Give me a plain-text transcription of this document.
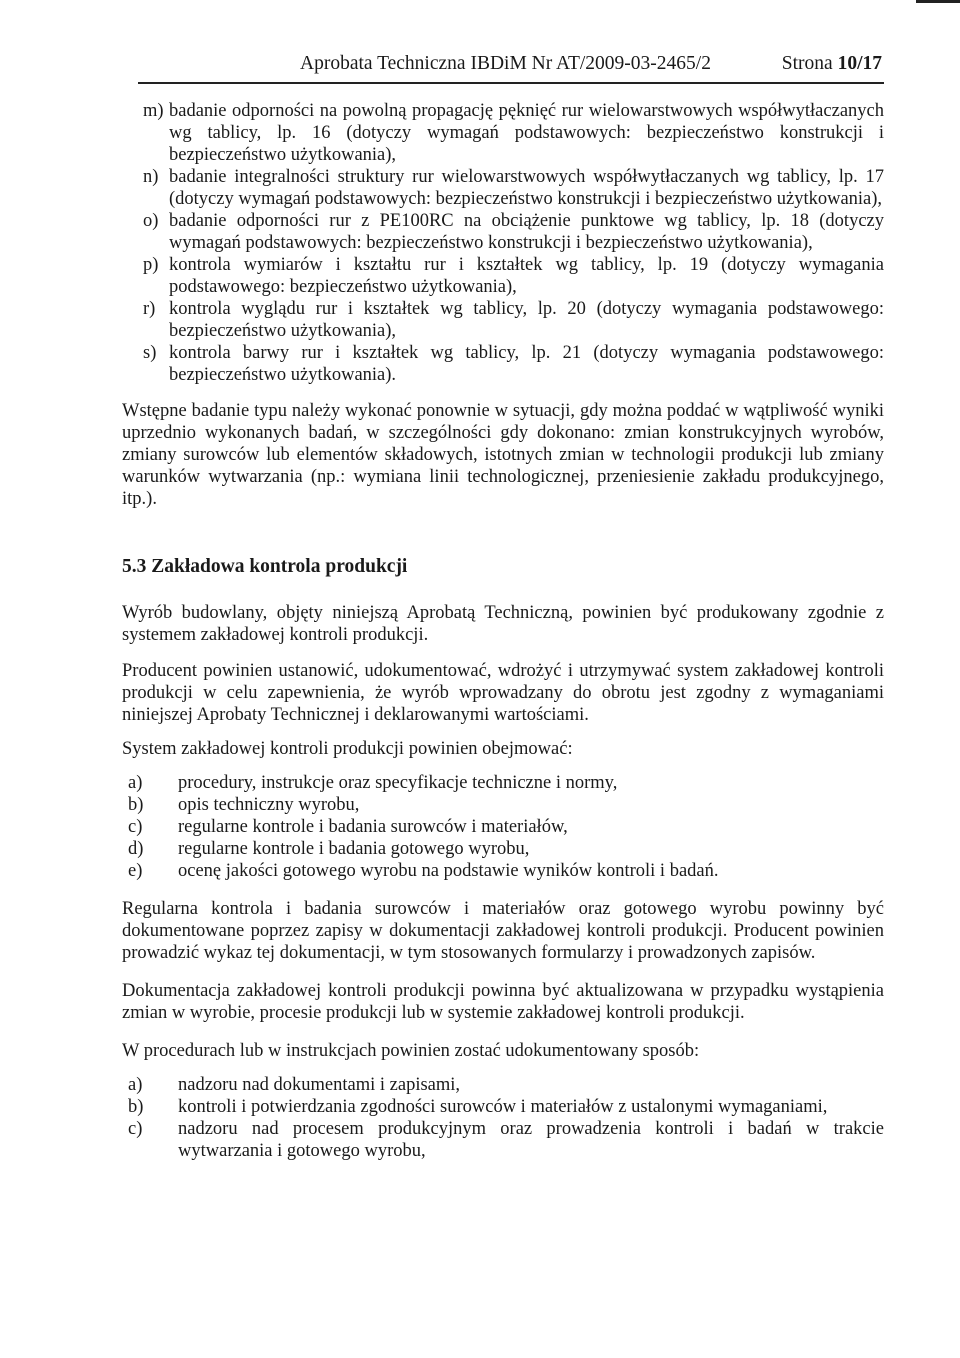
Aprobata Techniczna IBDiM Nr AT/2009-03-2465/2	Strona 10/17
m) badanie odporności na powolną propagację pęknięć rur wielowarstwowych współwytłaczanych wg tablicy, lp. 16 (dotyczy wymagań podstawowych: bezpieczeństwo konstrukcji i bezpieczeństwo użytkowania),
n) badanie integralności struktury rur wielowarstwowych współwytłaczanych wg tablicy, lp. 17 (dotyczy wymagań podstawowych: bezpieczeństwo konstrukcji i bezpieczeństwo użytkowania),
o) badanie odporności rur z PE100RC na obciążenie punktowe wg tablicy, lp. 18 (dotyczy wymagań podstawowych: bezpieczeństwo konstrukcji i bezpieczeństwo użytkowania),
p) kontrola wymiarów i kształtu rur i kształtek wg tablicy, lp. 19 (dotyczy wymagania podstawowego: bezpieczeństwo użytkowania),
r) kontrola wyglądu rur i kształtek wg tablicy, lp. 20 (dotyczy wymagania podstawowego: bezpieczeństwo użytkowania),
s) kontrola barwy rur i kształtek wg tablicy, lp. 21 (dotyczy wymagania podstawowego: bezpieczeństwo użytkowania).

Wstępne badanie typu należy wykonać ponownie w sytuacji, gdy można poddać w wątpliwość wyniki uprzednio wykonanych badań, w szczególności gdy dokonano: zmian konstrukcyjnych wyrobów, zmiany surowców lub elementów składowych, istotnych zmian w technologii produkcji lub zmiany warunków wytwarzania (np.: wymiana linii technologicznej, przeniesienie zakładu produkcyjnego, itp.).

5.3 Zakładowa kontrola produkcji

Wyrób budowlany, objęty niniejszą Aprobatą Techniczną, powinien być produkowany zgodnie z systemem zakładowej kontroli produkcji.

Producent powinien ustanowić, udokumentować, wdrożyć i utrzymywać system zakładowej kontroli produkcji w celu zapewnienia, że wyrób wprowadzany do obrotu jest zgodny z wymaganiami niniejszej Aprobaty Technicznej i deklarowanymi wartościami.

System zakładowej kontroli produkcji powinien obejmować:

a)	procedury, instrukcje oraz specyfikacje techniczne i normy,
b)	opis techniczny wyrobu,
c)	regularne kontrole i badania surowców i materiałów,
d)	regularne kontrole i badania gotowego wyrobu,
e)	ocenę jakości gotowego wyrobu na podstawie wyników kontroli i badań.

Regularna kontrola i badania surowców i materiałów oraz gotowego wyrobu powinny być dokumentowane poprzez zapisy w dokumentacji zakładowej kontroli produkcji. Producent powinien prowadzić wykaz tej dokumentacji, w tym stosowanych formularzy i prowadzonych zapisów.

Dokumentacja zakładowej kontroli produkcji powinna być aktualizowana w przypadku wystąpienia zmian w wyrobie, procesie produkcji lub w systemie zakładowej kontroli produkcji.

W procedurach lub w instrukcjach powinien zostać udokumentowany sposób:

a)	nadzoru nad dokumentami i zapisami,
b)	kontroli i potwierdzania zgodności surowców i materiałów z ustalonymi wymaganiami,
c)	nadzoru nad procesem produkcyjnym oraz prowadzenia kontroli i badań w trakcie wytwarzania i gotowego wyrobu,
